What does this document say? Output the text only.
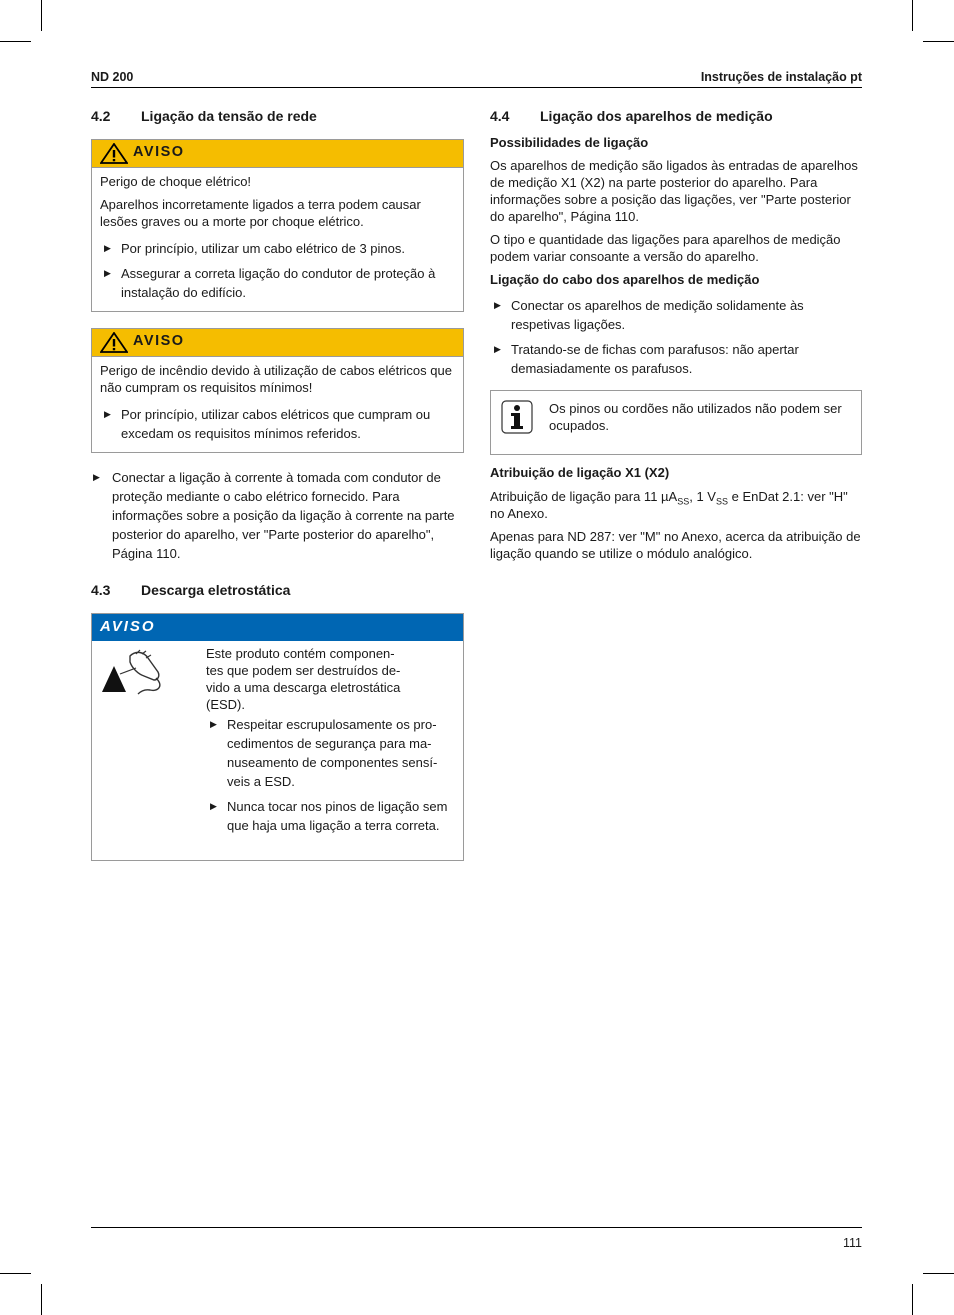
ND 200	Instruções de instalação pt
4.2 Ligação da tensão de rede
AVISO

Perigo de choque elétrico!

Aparelhos incorretamente ligados a terra podem causar lesões graves ou a morte por choque elétrico.

▶ Por princípio, utilizar um cabo elétrico de 3 pinos.
▶ Assegurar a correta ligação do condutor de proteção à instalação do edifício.
AVISO

Perigo de incêndio devido à utilização de cabos elétricos que não cumpram os requisitos mínimos!

▶ Por princípio, utilizar cabos elétricos que cumpram ou excedam os requisitos mínimos referidos.
▶ Conectar a ligação à corrente à tomada com condutor de proteção mediante o cabo elétrico fornecido. Para informações sobre a posição da ligação à corrente na parte posterior do aparelho, ver "Parte posterior do aparelho", Página 110.
4.3 Descarga eletrostática
AVISO

Este produto contém componen-

tes que podem ser destruídos de-

vido a uma descarga eletrostática

(ESD).

▶ Respeitar escrupulosamente os pro-cedimentos de segurança para ma-nuseamento de componentes sensí-veis a ESD.
▶ Nunca tocar nos pinos de ligação sem que haja uma ligação a terra correta.
4.4 Ligação dos aparelhos de medição
Possibilidades de ligação

Os aparelhos de medição são ligados às entradas de aparelhos de medição X1 (X2) na parte posterior do aparelho. Para informações sobre a posição das ligações, ver "Parte posterior do aparelho", Página 110.

O tipo e quantidade das ligações para aparelhos de medição podem variar consoante a versão do aparelho.

Ligação do cabo dos aparelhos de medição
▶ Conectar os aparelhos de medição solidamente às respetivas ligações.
▶ Tratando-se de fichas com parafusos: não apertar demasiadamente os parafusos.
Os pinos ou cordões não utilizados não podem ser ocupados.
Atribuição de ligação X1 (X2)

Atribuição de ligação para 11 µA$_{SS}$, 1 $V_{SS}$ e EnDat 2.1: ver "H" no Anexo.

Apenas para ND 287: ver "M" no Anexo, acerca da atribuição de ligação quando se utilize o módulo analógico.

111
